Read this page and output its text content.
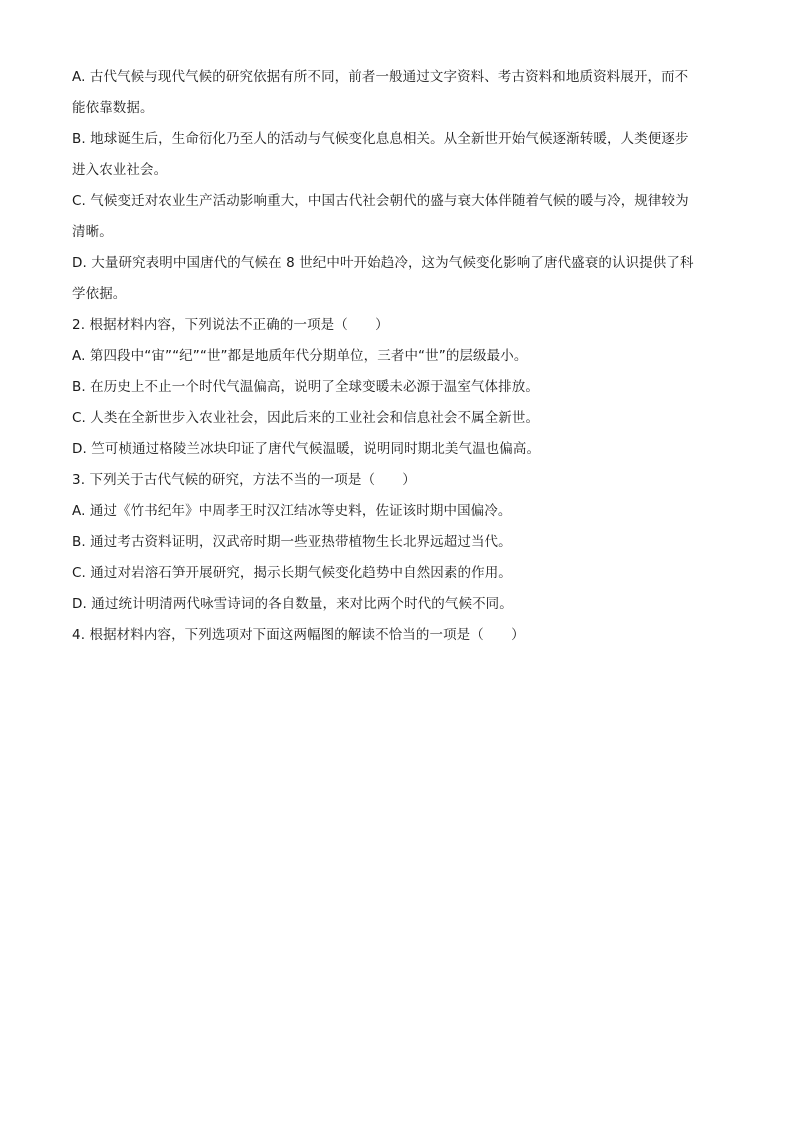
A. 古代气候与现代气候的研究依据有所不同，前者一般通过文字资料、考古资料和地质资料展开，而不
能依靠数据。
B. 地球诞生后，生命衍化乃至人的活动与气候变化息息相关。从全新世开始气候逐渐转暖，人类便逐步
进入农业社会。
C. 气候变迁对农业生产活动影响重大，中国古代社会朝代的盛与衰大体伴随着气候的暖与冷，规律较为
清晰。
D. 大量研究表明中国唐代的气候在 8 世纪中叶开始趋冷，这为气候变化影响了唐代盛衰的认识提供了科
学依据。
2. 根据材料内容，下列说法不正确的一项是（　　）
A. 第四段中“宙”“纪”“世”都是地质年代分期单位，三者中“世”的层级最小。
B. 在历史上不止一个时代气温偏高，说明了全球变暖未必源于温室气体排放。
C. 人类在全新世步入农业社会，因此后来的工业社会和信息社会不属全新世。
D. 竺可桢通过格陵兰冰块印证了唐代气候温暖，说明同时期北美气温也偏高。
3. 下列关于古代气候的研究，方法不当的一项是（　　）
A. 通过《竹书纪年》中周孝王时汉江结冰等史料，佐证该时期中国偏冷。
B. 通过考古资料证明，汉武帝时期一些亚热带植物生长北界远超过当代。
C. 通过对岩溶石笋开展研究，揭示长期气候变化趋势中自然因素的作用。
D. 通过统计明清两代咏雪诗词的各自数量，来对比两个时代的气候不同。
4. 根据材料内容，下列选项对下面这两幅图的解读不恰当的一项是（　　）
